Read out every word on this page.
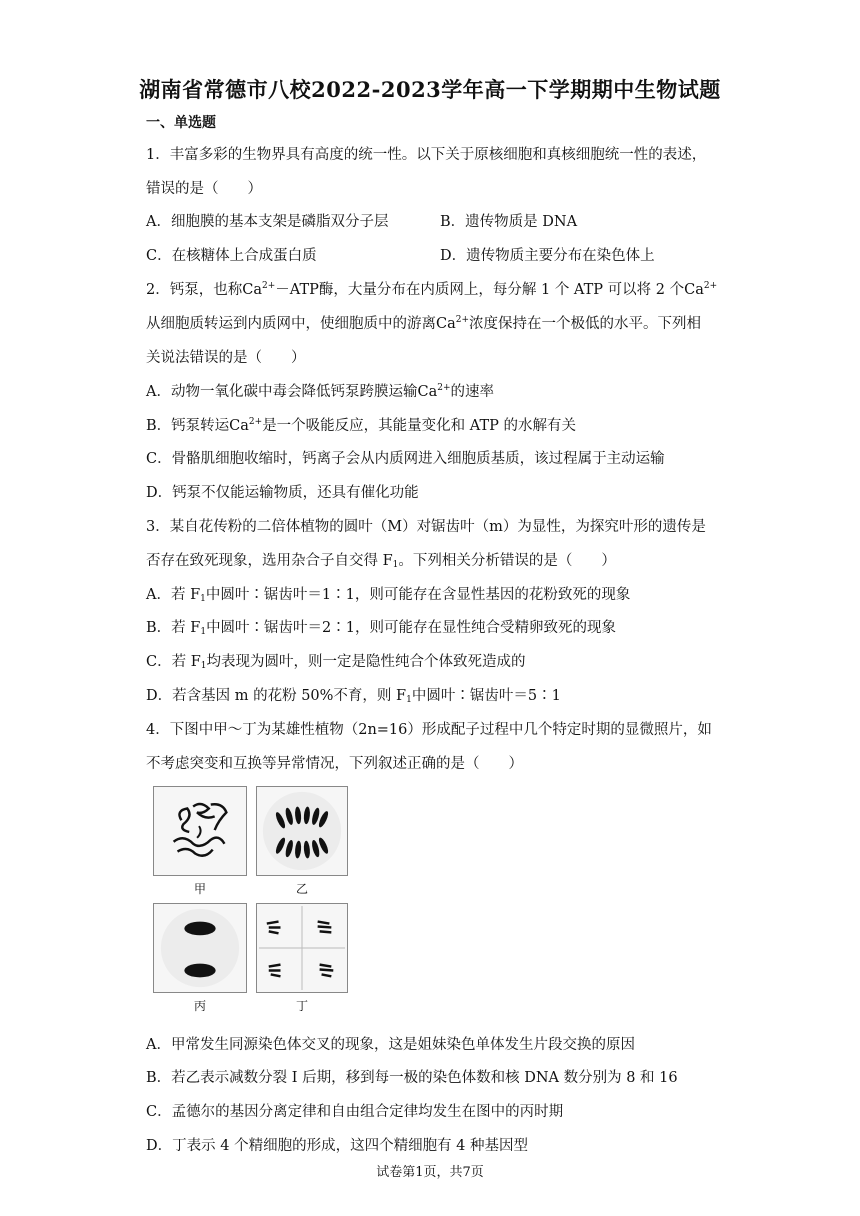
湖南省常德市八校2022-2023学年高一下学期期中生物试题
一、单选题
1．丰富多彩的生物界具有高度的统一性。以下关于原核细胞和真核细胞统一性的表述，
错误的是（　　）
A．细胞膜的基本支架是磷脂双分子层	B．遗传物质是 DNA
C．在核糖体上合成蛋白质	D．遗传物质主要分布在染色体上
2．钙泵，也称$Ca^{2+}-ATP$酶，大量分布在内质网上，每分解 1 个 ATP 可以将 2 个$Ca^{2+}$
从细胞质转运到内质网中，使细胞质中的游离$Ca^{2+}$浓度保持在一个极低的水平。下列相
关说法错误的是（　　）
A．动物一氧化碳中毒会降低钙泵跨膜运输$Ca^{2+}$的速率
B．钙泵转运$Ca^{2+}$是一个吸能反应，其能量变化和 ATP 的水解有关
C．骨骼肌细胞收缩时，钙离子会从内质网进入细胞质基质，该过程属于主动运输
D．钙泵不仅能运输物质，还具有催化功能
3．某自花传粉的二倍体植物的圆叶（M）对锯齿叶（m）为显性，为探究叶形的遗传是
否存在致死现象，选用杂合子自交得 $F_1$。下列相关分析错误的是（　　）
A．若 $F_1$中圆叶∶锯齿叶＝1∶1，则可能存在含显性基因的花粉致死的现象
B．若 $F_1$中圆叶∶锯齿叶＝2∶1，则可能存在显性纯合受精卵致死的现象
C．若 $F_1$均表现为圆叶，则一定是隐性纯合个体致死造成的
D．若含基因 m 的花粉 50%不育，则 $F_1$中圆叶∶锯齿叶＝5∶1
4．下图中甲～丁为某雄性植物（2n=16）形成配子过程中几个特定时期的显微照片，如
不考虑突变和互换等异常情况，下列叙述正确的是（　　）
甲	乙
丙	丁
A．甲常发生同源染色体交叉的现象，这是姐妹染色单体发生片段交换的原因
B．若乙表示减数分裂 I 后期，移到每一极的染色体数和核 DNA 数分别为 8 和 16
C．孟德尔的基因分离定律和自由组合定律均发生在图中的丙时期
D．丁表示 4 个精细胞的形成，这四个精细胞有 4 种基因型
试卷第1页，共7页
